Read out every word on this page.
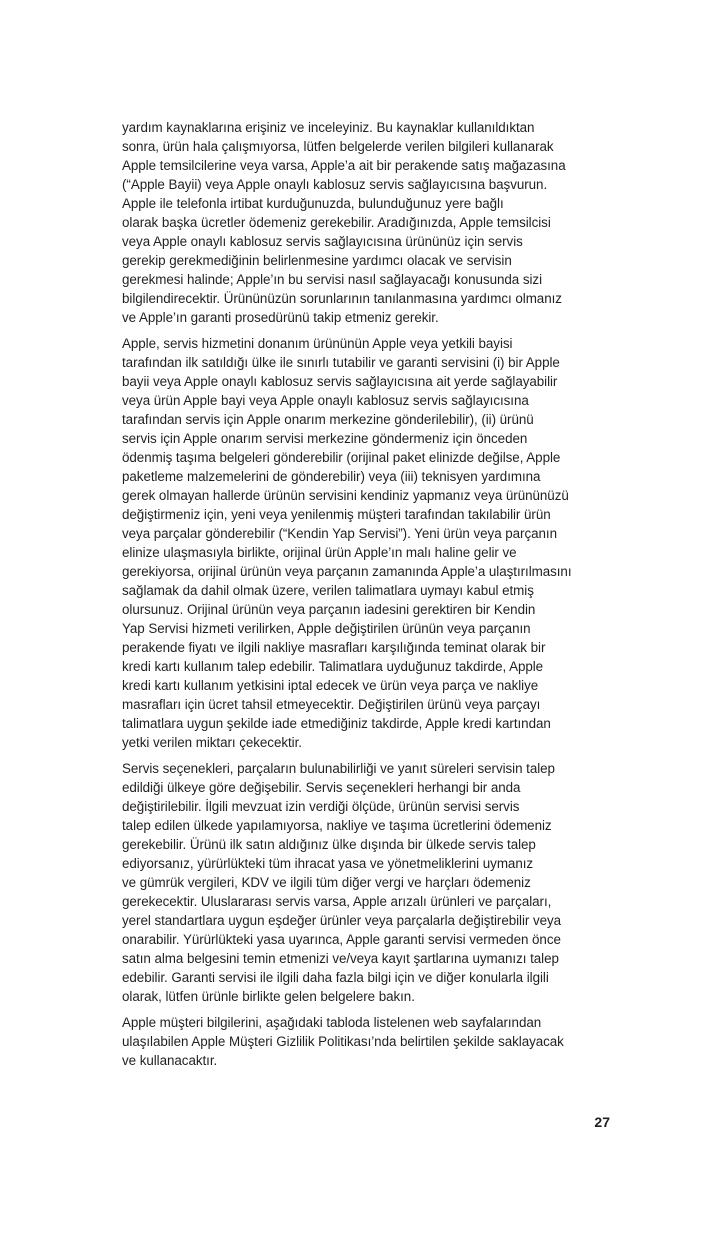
yardım kaynaklarına erişiniz ve inceleyiniz. Bu kaynaklar kullanıldıktan
sonra, ürün hala çalışmıyorsa, lütfen belgelerde verilen bilgileri kullanarak
Apple temsilcilerine veya varsa, Apple’a ait bir perakende satış mağazasına
(“Apple Bayii) veya Apple onaylı kablosuz servis sağlayıcısına başvurun.
Apple ile telefonla irtibat kurduğunuzda, bulunduğunuz yere bağlı
olarak başka ücretler ödemeniz gerekebilir. Aradığınızda, Apple temsilcisi
veya Apple onaylı kablosuz servis sağlayıcısına ürününüz için servis
gerekip gerekmediğinin belirlenmesine yardımcı olacak ve servisin
gerekmesi halinde; Apple’ın bu servisi nasıl sağlayacağı konusunda sizi
bilgilendirecektir. Ürününüzün sorunlarının tanılanmasına yardımcı olmanız
ve Apple’ın garanti prosedürünü takip etmeniz gerekir.

Apple, servis hizmetini donanım ürününün Apple veya yetkili bayisi
tarafından ilk satıldığı ülke ile sınırlı tutabilir ve garanti servisini (i) bir Apple
bayii veya Apple onaylı kablosuz servis sağlayıcısına ait yerde sağlayabilir
veya ürün Apple bayi veya Apple onaylı kablosuz servis sağlayıcısına
tarafından servis için Apple onarım merkezine gönderilebilir), (ii) ürünü
servis için Apple onarım servisi merkezine göndermeniz için önceden
ödenmiş taşıma belgeleri gönderebilir (orijinal paket elinizde değilse, Apple
paketleme malzemelerini de gönderebilir) veya (iii) teknisyen yardımına
gerek olmayan hallerde ürünün servisini kendiniz yapmanız veya ürününüzü
değiştirmeniz için, yeni veya yenilenmiş müşteri tarafından takılabilir ürün
veya parçalar gönderebilir (“Kendin Yap Servisi”). Yeni ürün veya parçanın
elinize ulaşmasıyla birlikte, orijinal ürün Apple’ın malı haline gelir ve
gerekiyorsa, orijinal ürünün veya parçanın zamanında Apple’a ulaştırılmasını
sağlamak da dahil olmak üzere, verilen talimatlara uymayı kabul etmiş
olursunuz. Orijinal ürünün veya parçanın iadesini gerektiren bir Kendin
Yap Servisi hizmeti verilirken, Apple değiştirilen ürünün veya parçanın
perakende fiyatı ve ilgili nakliye masrafları karşılığında teminat olarak bir
kredi kartı kullanım talep edebilir. Talimatlara uyduğunuz takdirde, Apple
kredi kartı kullanım yetkisini iptal edecek ve ürün veya parça ve nakliye
masrafları için ücret tahsil etmeyecektir. Değiştirilen ürünü veya parçayı
talimatlara uygun şekilde iade etmediğiniz takdirde, Apple kredi kartından
yetki verilen miktarı çekecektir.

Servis seçenekleri, parçaların bulunabilirliği ve yanıt süreleri servisin talep
edildiği ülkeye göre değişebilir. Servis seçenekleri herhangi bir anda
değiştirilebilir. İlgili mevzuat izin verdiği ölçüde, ürünün servisi servis
talep edilen ülkede yapılamıyorsa, nakliye ve taşıma ücretlerini ödemeniz
gerekebilir. Ürünü ilk satın aldığınız ülke dışında bir ülkede servis talep
ediyorsanız, yürürlükteki tüm ihracat yasa ve yönetmeliklerini uymanız
ve gümrük vergileri, KDV ve ilgili tüm diğer vergi ve harçları ödemeniz
gerekecektir. Uluslararası servis varsa, Apple arızalı ürünleri ve parçaları,
yerel standartlara uygun eşdeğer ürünler veya parçalarla değiştirebilir veya
onarabilir. Yürürlükteki yasa uyarınca, Apple garanti servisi vermeden önce
satın alma belgesini temin etmenizi ve/veya kayıt şartlarına uymanızı talep
edebilir. Garanti servisi ile ilgili daha fazla bilgi için ve diğer konularla ilgili
olarak, lütfen ürünle birlikte gelen belgelere bakın.

Apple müşteri bilgilerini, aşağıdaki tabloda listelenen web sayfalarından
ulaşılabilen Apple Müşteri Gizlilik Politikası’nda belirtilen şekilde saklayacak
ve kullanacaktır.

27
